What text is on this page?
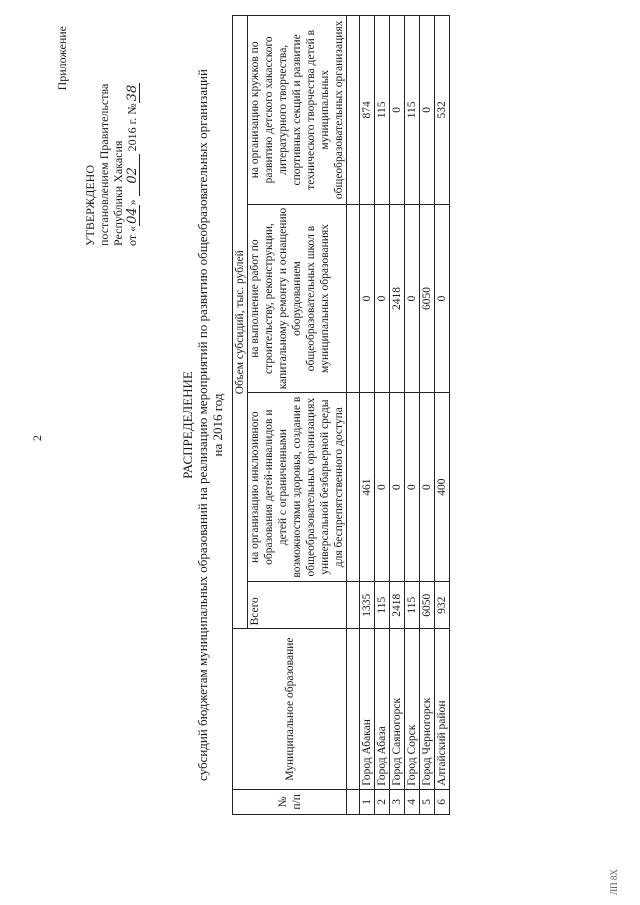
2
ЛП 8Х
Приложение
УТВЕРЖДЕНО постановлением Правительства Республики Хакасия от «04» 02 2016 г. №38
РАСПРЕДЕЛЕНИЕ субсидий бюджетам муниципальных образований на реализацию мероприятий по развитию общеобразовательных организаций на 2016 год
№ п/п	Муниципальное образование	Объем субсидий, тыс. рублей			
		Всего	на организацию инклюзивного образования детей-инвалидов и детей с ограниченными возможностями здоровья, создание в общеобразовательных организациях универсальной безбарьерной среды для беспрепятственного доступа	на выполнение работ по строительству, реконструкции, капитальному ремонту и оснащению оборудованием общеобразовательных школ в муниципальных образованиях	на организацию кружков по развитию детского хакасского литературного творчества, спортивных секций и развитие технического творчества детей в муниципальных общеобразовательных организациях

1	Город Абакан	1335	461	0	874
2	Город Абаза	115	0	0	115
3	Город Саяногорск	2418	0	2418	0
4	Город Сорск	115	0	0	115
5	Город Черногорск	6050	0	6050	0
6	Алтайский район	932	400	0	532
